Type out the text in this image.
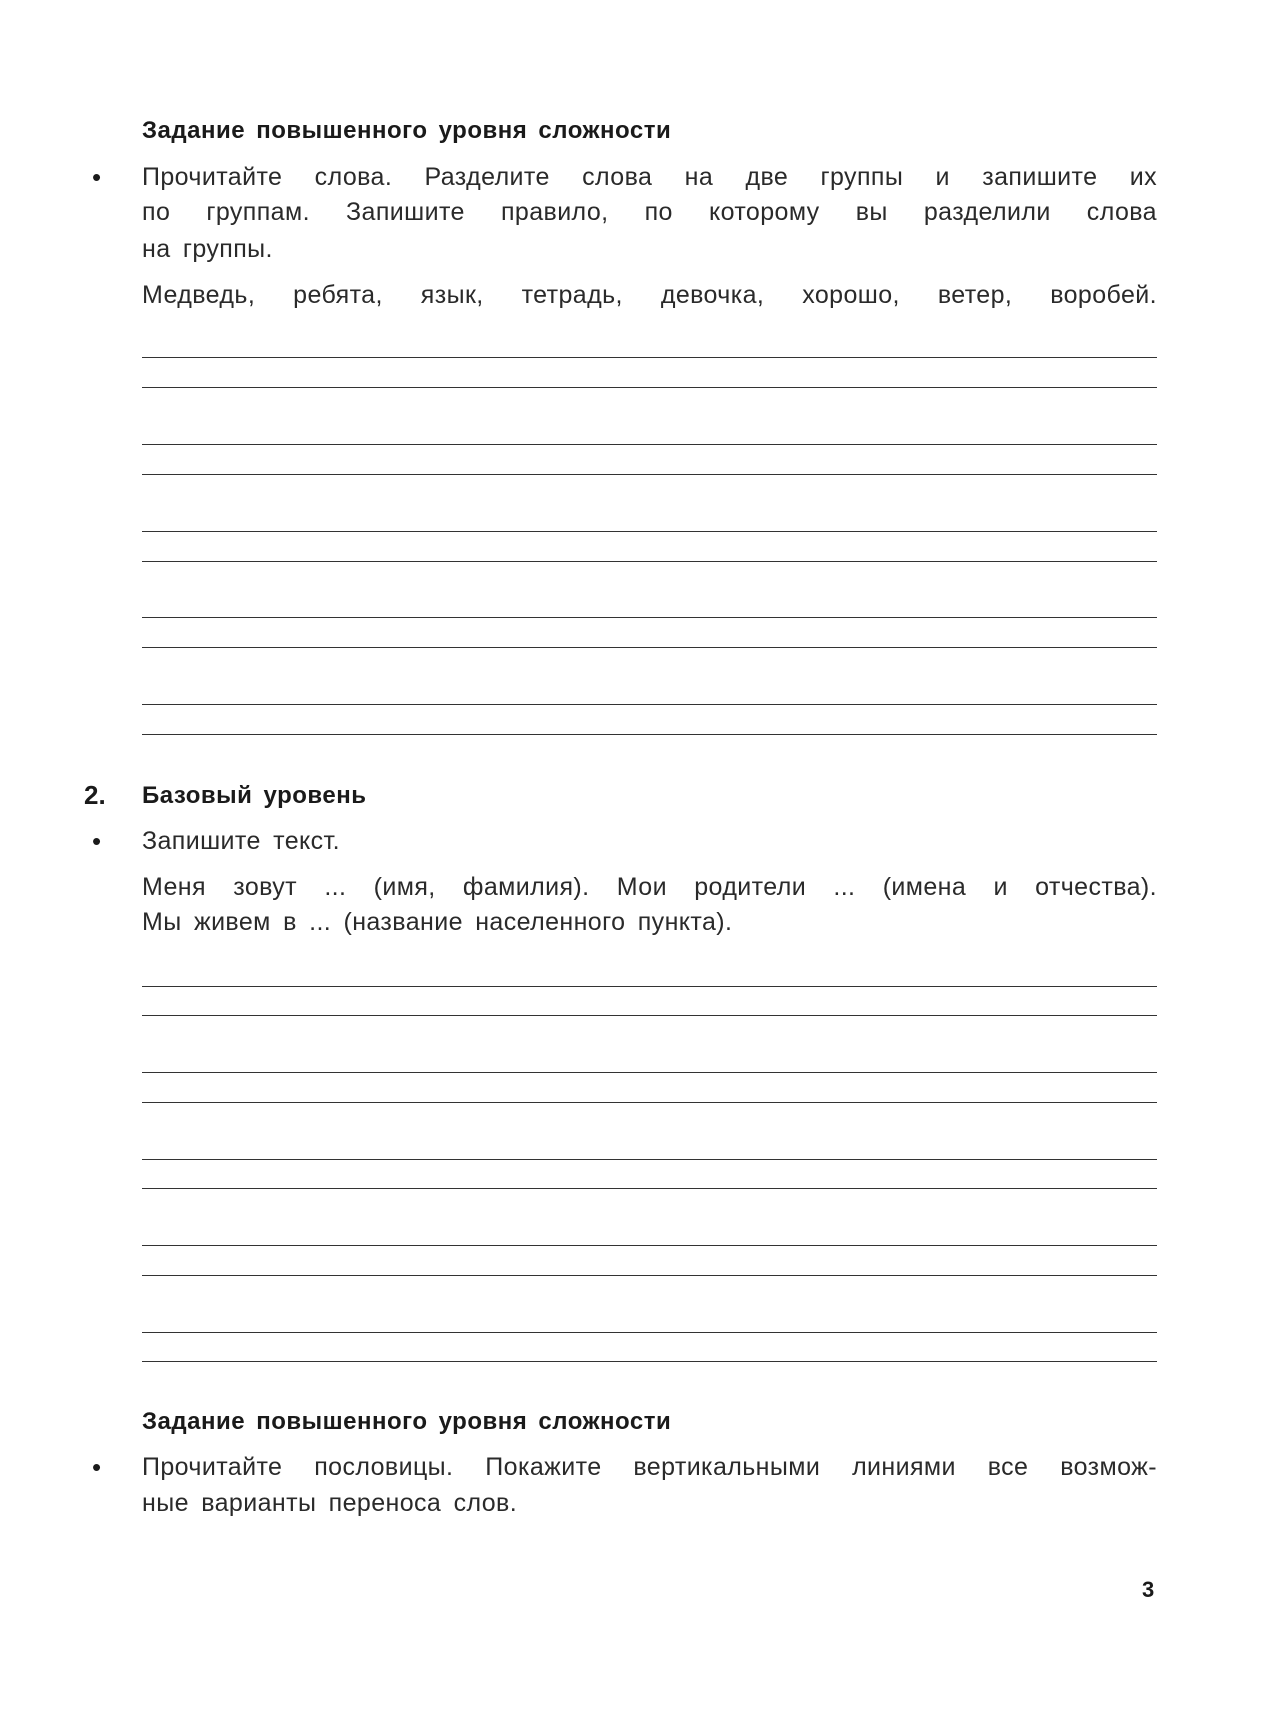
Задание повышенного уровня сложности
• Прочитайте слова. Разделите слова на две группы и запишите их
по группам. Запишите правило, по которому вы разделили слова
на группы.
Медведь, ребята, язык, тетрадь, девочка, хорошо, ветер, воробей.
2. Базовый уровень
• Запишите текст.
Меня зовут ... (имя, фамилия). Мои родители ... (имена и отчества).
Мы живем в ... (название населенного пункта).
Задание повышенного уровня сложности
• Прочитайте пословицы. Покажите вертикальными линиями все возмож-
ные варианты переноса слов.
3
